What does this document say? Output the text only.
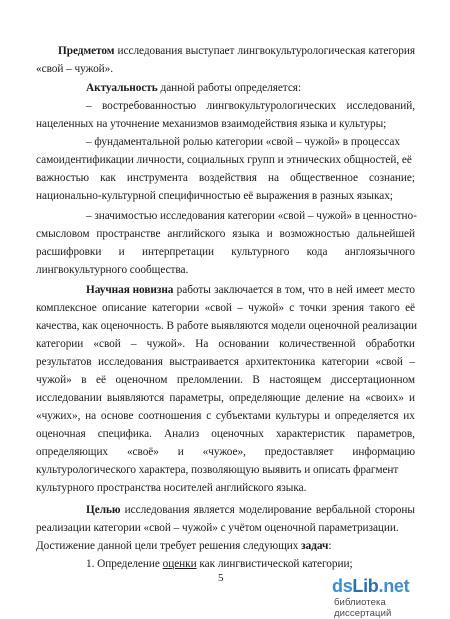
Предметом исследования выступает лингвокультурологическая категория
«свой – чужой».
Актуальность данной работы определяется:
– востребованностью лингвокультурологических исследований,
нацеленных на уточнение механизмов взаимодействия языка и культуры;
– фундаментальной ролью категории «свой – чужой» в процессах
самоидентификации личности, социальных групп и этнических общностей, её
важностью как инструмента воздействия на общественное сознание;
национально-культурной специфичностью её выражения в разных языках;
– значимостью исследования категории «свой – чужой» в ценностно-
смысловом пространстве английского языка и возможностью дальнейшей
расшифровки и интерпретации культурного кода англоязычного
лингвокультурного сообщества.
Научная новизна работы заключается в том, что в ней имеет место
комплексное описание категории «свой – чужой» с точки зрения такого её
качества, как оценочность. В работе выявляются модели оценочной реализации
категории «свой – чужой». На основании количественной обработки
результатов исследования выстраивается архитектоника категории «свой –
чужой» в её оценочном преломлении. В настоящем диссертационном
исследовании выявляются параметры, определяющие деление на «своих» и
«чужих», на основе соотношения с субъектами культуры и определяется их
оценочная специфика. Анализ оценочных характеристик параметров,
определяющих «своё» и «чужое», предоставляет информацию
культурологического характера, позволяющую выявить и описать фрагмент
культурного пространства носителей английского языка.
Целью исследования является моделирование вербальной стороны
реализации категории «свой – чужой» с учётом оценочной параметризации.
Достижение данной цели требует решения следующих задач:
1. Определение оценки как лингвистической категории;
5	dsLib.net
библиотека диссертаций
